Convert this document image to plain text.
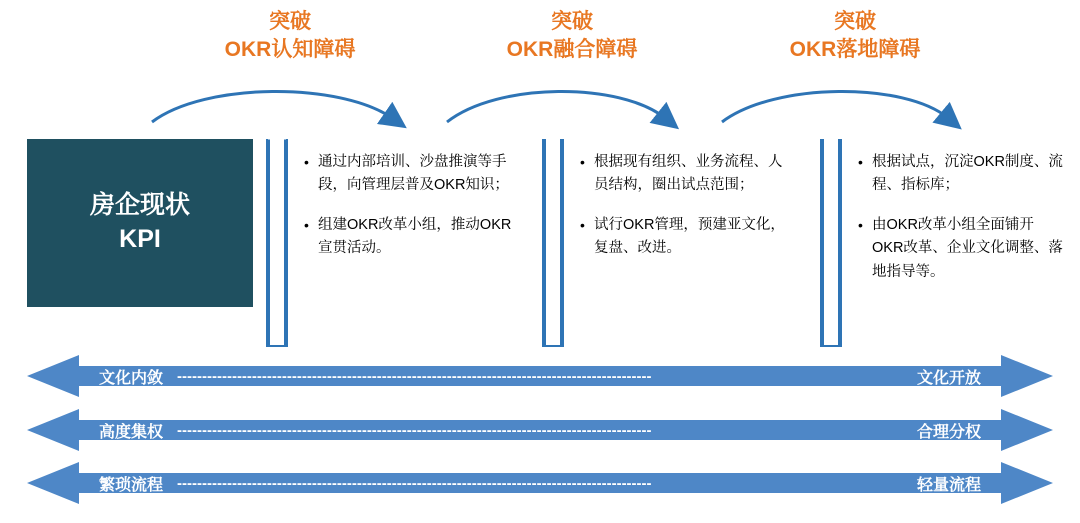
突破
OKR认知障碍
突破
OKR融合障碍
突破
OKR落地障碍
房企现状
KPI
• 通过内部培训、沙盘推演等手段，向管理层普及OKR知识；
• 组建OKR改革小组，推动OKR宣贯活动。
• 根据现有组织、业务流程、人员结构，圈出试点范围；
• 试行OKR管理，预建亚文化，复盘、改进。
• 根据试点，沉淀OKR制度、流程、指标库；
• 由OKR改革小组全面铺开OKR改革、企业文化调整、落地指导等。
文化内敛 -----------------------------------------------------------------------------------------------	文化开放
高度集权 -----------------------------------------------------------------------------------------------	合理分权
繁琐流程 -----------------------------------------------------------------------------------------------	轻量流程
